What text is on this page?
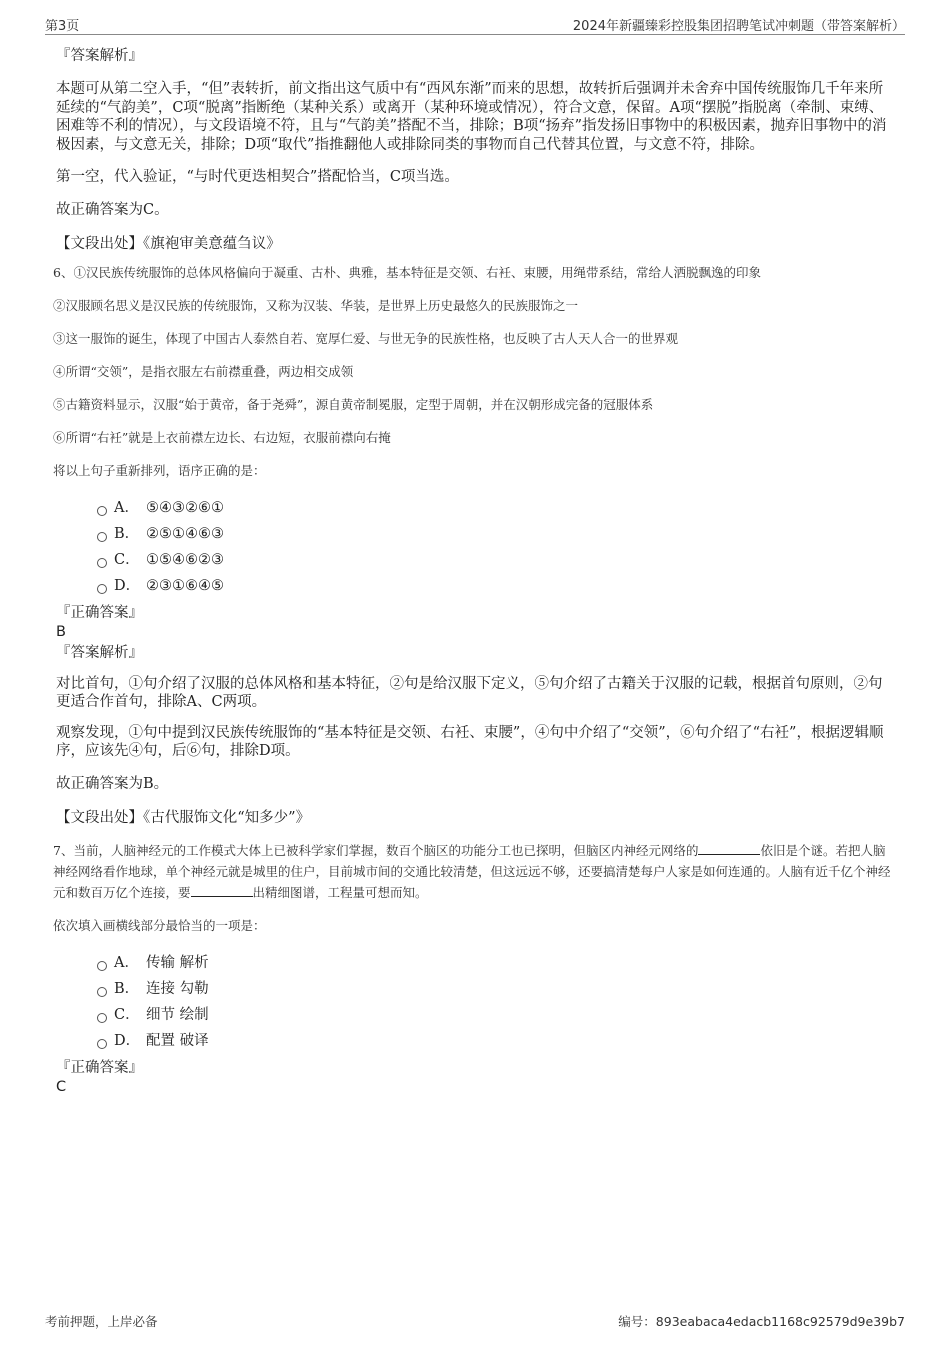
第3页	2024年新疆臻彩控股集团招聘笔试冲刺题（带答案解析）

『答案解析』

本题可从第二空入手，“但”表转折，前文指出这气质中有“西风东渐”而来的思想，故转折后强调并未舍弃中国传统服饰几千年来所延续的“气韵美”，C项“脱离”指断绝（某种关系）或离开（某种环境或情况），符合文意，保留。A项“摆脱”指脱离（牵制、束缚、困难等不利的情况），与文段语境不符，且与“气韵美”搭配不当，排除；B项“扬弃”指发扬旧事物中的积极因素，抛弃旧事物中的消极因素，与文意无关，排除；D项“取代”指推翻他人或排除同类的事物而自己代替其位置，与文意不符，排除。

第一空，代入验证，“与时代更迭相契合”搭配恰当，C项当选。

故正确答案为C。

【文段出处】《旗袍审美意蕴刍议》

6、①汉民族传统服饰的总体风格偏向于凝重、古朴、典雅，基本特征是交领、右衽、束腰，用绳带系结，常给人洒脱飘逸的印象

②汉服顾名思义是汉民族的传统服饰，又称为汉装、华装，是世界上历史最悠久的民族服饰之一

③这一服饰的诞生，体现了中国古人泰然自若、宽厚仁爱、与世无争的民族性格，也反映了古人天人合一的世界观

④所谓“交领”，是指衣服左右前襟重叠，两边相交成领

⑤古籍资料显示，汉服“始于黄帝，备于尧舜”，源自黄帝制冕服，定型于周朝，并在汉朝形成完备的冠服体系

⑥所谓“右衽”就是上衣前襟左边长、右边短，衣服前襟向右掩

将以上句子重新排列，语序正确的是：

A． ⑤④③②⑥①
B． ②⑤①④⑥③
C． ①⑤④⑥②③
D． ②③①⑥④⑤

『正确答案』

B

『答案解析』

对比首句，①句介绍了汉服的总体风格和基本特征，②句是给汉服下定义，⑤句介绍了古籍关于汉服的记载，根据首句原则，②句更适合作首句，排除A、C两项。

观察发现，①句中提到汉民族传统服饰的“基本特征是交领、右衽、束腰”，④句中介绍了“交领”，⑥句介绍了“右衽”，根据逻辑顺序，应该先④句，后⑥句，排除D项。

故正确答案为B。

【文段出处】《古代服饰文化“知多少”》

7、当前，人脑神经元的工作模式大体上已被科学家们掌握，数百个脑区的功能分工也已探明，但脑区内神经元网络的	依旧是个谜。若把人脑神经网络看作地球，单个神经元就是城里的住户，目前城市间的交通比较清楚，但这远远不够，还要搞清楚每户人家是如何连通的。人脑有近千亿个神经元和数百万亿个连接，要	出精细图谱，工程量可想而知。

依次填入画横线部分最恰当的一项是：

A． 传输 解析
B． 连接 勾勒
C． 细节 绘制
D． 配置 破译

『正确答案』

C

考前押题，上岸必备	编号：893eabaca4edacb1168c92579d9e39b7
